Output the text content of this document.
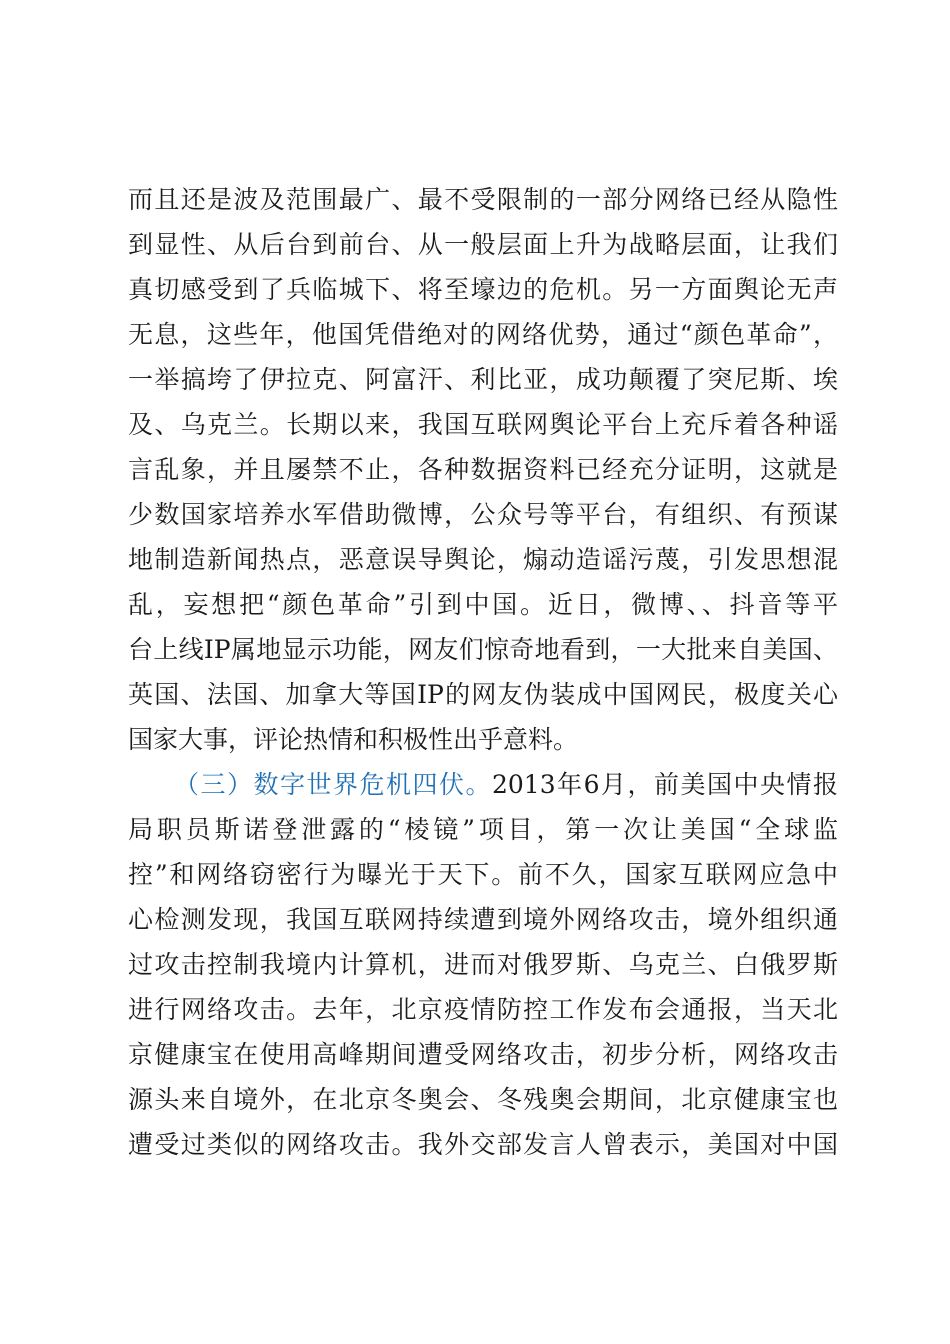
而且还是波及范围最广、最不受限制的一部分网络已经从隐性
到显性、从后台到前台、从一般层面上升为战略层面，让我们
真切感受到了兵临城下、将至壕边的危机。另一方面舆论无声
无息，这些年，他国凭借绝对的网络优势，通过“颜色革命”，
一举搞垮了伊拉克、阿富汗、利比亚，成功颠覆了突尼斯、埃
及、乌克兰。长期以来，我国互联网舆论平台上充斥着各种谣
言乱象，并且屡禁不止，各种数据资料已经充分证明，这就是
少数国家培养水军借助微博，公众号等平台，有组织、有预谋
地制造新闻热点，恶意误导舆论，煽动造谣污蔑，引发思想混
乱，妄想把“颜色革命”引到中国。近日，微博、、抖音等平
台上线IP属地显示功能，网友们惊奇地看到，一大批来自美国、
英国、法国、加拿大等国IP的网友伪装成中国网民，极度关心
国家大事，评论热情和积极性出乎意料。
（三）数字世界危机四伏。2013年6月，前美国中央情报
局职员斯诺登泄露的“棱镜”项目，第一次让美国“全球监
控”和网络窃密行为曝光于天下。前不久，国家互联网应急中
心检测发现，我国互联网持续遭到境外网络攻击，境外组织通
过攻击控制我境内计算机，进而对俄罗斯、乌克兰、白俄罗斯
进行网络攻击。去年，北京疫情防控工作发布会通报，当天北
京健康宝在使用高峰期间遭受网络攻击，初步分析，网络攻击
源头来自境外，在北京冬奥会、冬残奥会期间，北京健康宝也
遭受过类似的网络攻击。我外交部发言人曾表示，美国对中国
